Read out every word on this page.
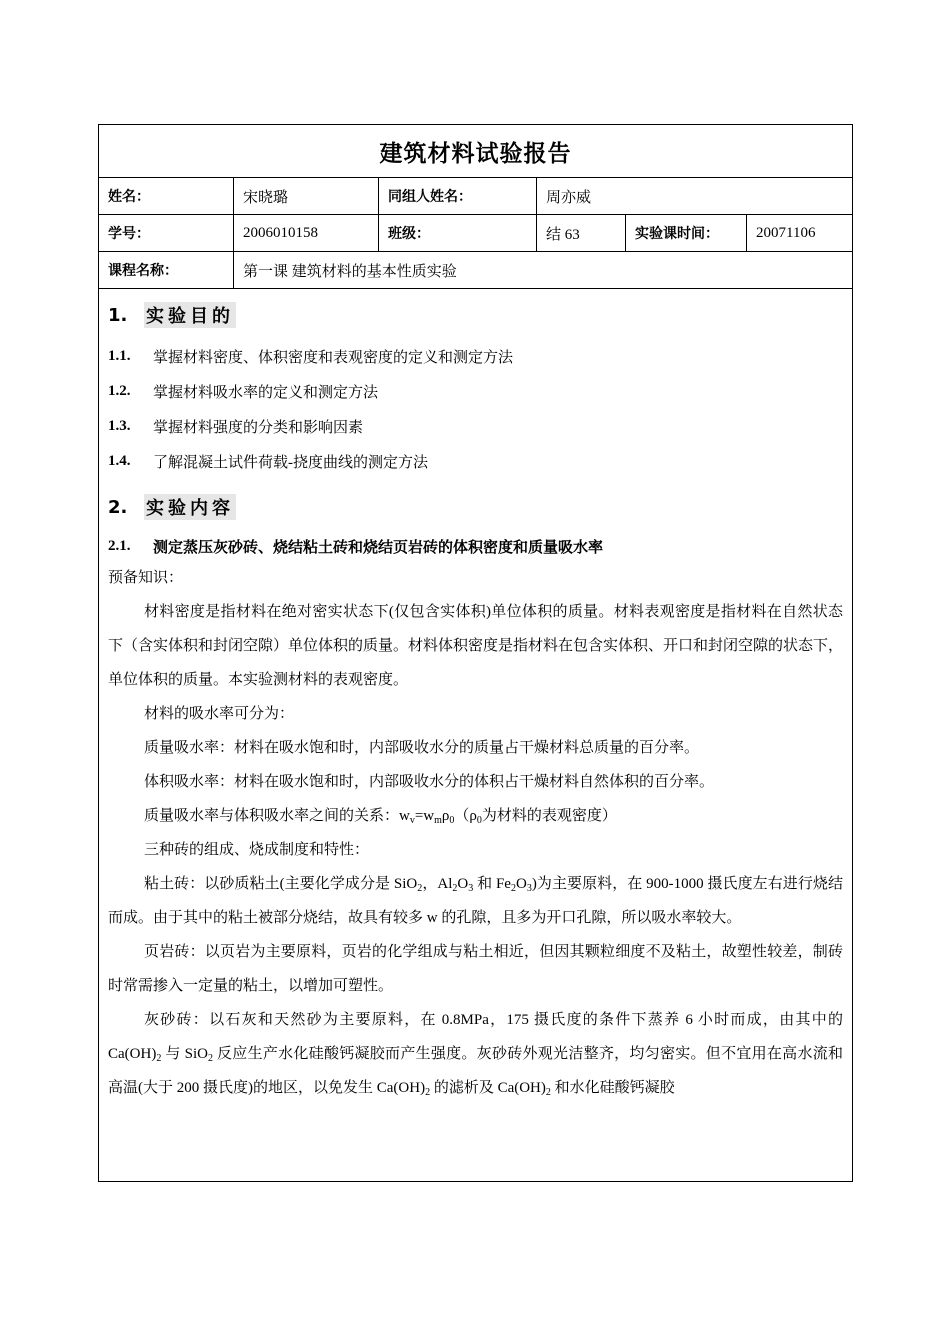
建筑材料试验报告
姓名：	宋晓璐	同组人姓名：	周亦威
学号：	2006010158	班级：	结 63	实验课时间：	20071106
课程名称：	第一课 建筑材料的基本性质实验
1.	实验目的
1.1.	掌握材料密度、体积密度和表观密度的定义和测定方法
1.2.	掌握材料吸水率的定义和测定方法
1.3.	掌握材料强度的分类和影响因素
1.4.	了解混凝土试件荷载-挠度曲线的测定方法
2.	实验内容
2.1.	测定蒸压灰砂砖、烧结粘土砖和烧结页岩砖的体积密度和质量吸水率
预备知识：
材料密度是指材料在绝对密实状态下(仅包含实体积)单位体积的质量。材料表观密度是指材料在自然状态下（含实体积和封闭空隙）单位体积的质量。材料体积密度是指材料在包含实体积、开口和封闭空隙的状态下，单位体积的质量。本实验测材料的表观密度。
材料的吸水率可分为：
质量吸水率：材料在吸水饱和时，内部吸收水分的质量占干燥材料总质量的百分率。
体积吸水率：材料在吸水饱和时，内部吸收水分的体积占干燥材料自然体积的百分率。
质量吸水率与体积吸水率之间的关系：$w_v=w_m\rho_0(\rho_0$为材料的表观密度）
三种砖的组成、烧成制度和特性：
粘土砖：以砂质粘土(主要化学成分是 SiO$_2$，$Al_2O_3$ 和 $Fe_2O_3$)为主要原料，在 900-1000 摄氏度左右进行烧结而成。由于其中的粘土被部分烧结，故具有较多 w 的孔隙，且多为开口孔隙，所以吸水率较大。
页岩砖：以页岩为主要原料，页岩的化学组成与粘土相近，但因其颗粒细度不及粘土，故塑性较差，制砖时常需掺入一定量的粘土，以增加可塑性。
灰砂砖：以石灰和天然砂为主要原料，在 0.8MPa，175 摄氏度的条件下蒸养 6 小时而成，由其中的 $Ca(OH)_2$ 与 SiO$_2$ 反应生产水化硅酸钙凝胶而产生强度。灰砂砖外观光洁整齐，均匀密实。但不宜用在高水流和高温(大于 200 摄氏度)的地区，以免发生 $Ca(OH)_2$ 的滤析及 $Ca(OH)_2$ 和水化硅酸钙凝胶
